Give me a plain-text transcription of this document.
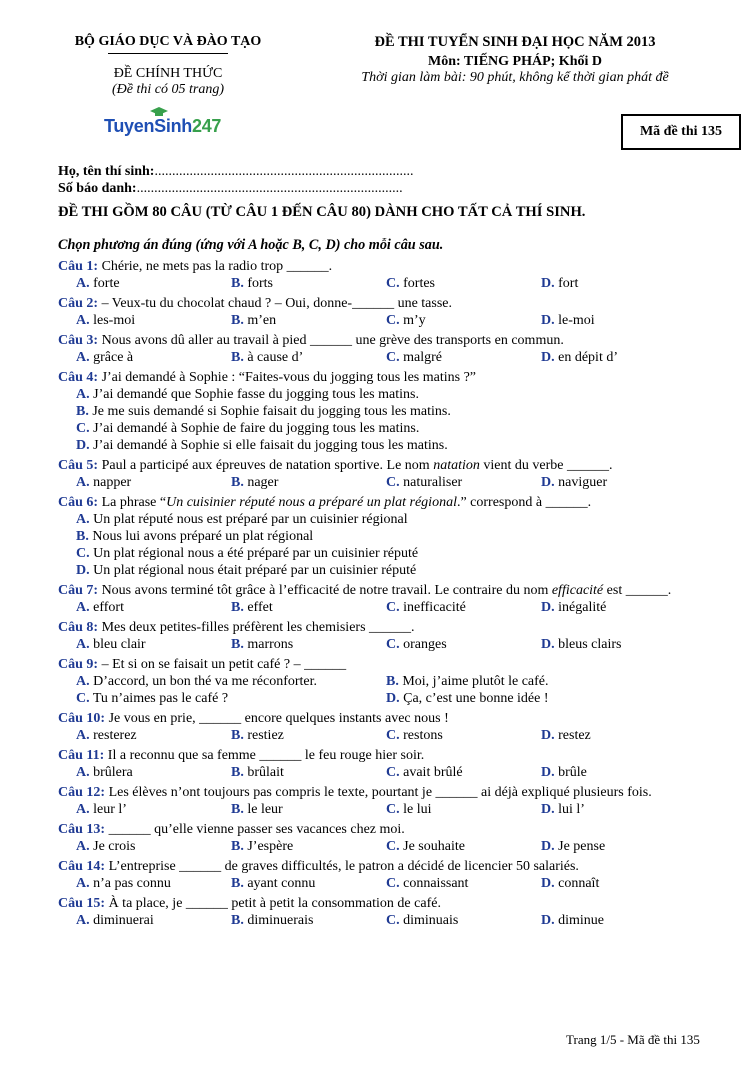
BỘ GIÁO DỤC VÀ ĐÀO TẠO
ĐỀ CHÍNH THỨC
(Đề thi có 05 trang)
TuyenSinh247
ĐỀ THI TUYỂN SINH ĐẠI HỌC NĂM 2013
Môn: TIẾNG PHÁP; Khối D
Thời gian làm bài: 90 phút, không kể thời gian phát đề
Mã đề thi 135
Họ, tên thí sinh:..........................................................................
Số báo danh:............................................................................
ĐỀ THI GỒM 80 CÂU (TỪ CÂU 1 ĐẾN CÂU 80) DÀNH CHO TẤT CẢ THÍ SINH.
Chọn phương án đúng (ứng với A hoặc B, C, D) cho mỗi câu sau.
Câu 1: Chérie, ne mets pas la radio trop ______.
A. forte	B. forts	C. fortes	D. fort
Câu 2: – Veux-tu du chocolat chaud ? – Oui, donne-______ une tasse.
A. les-moi	B. m’en	C. m’y	D. le-moi
Câu 3: Nous avons dû aller au travail à pied ______ une grève des transports en commun.
A. grâce à	B. à cause d’	C. malgré	D. en dépit d’
Câu 4: J’ai demandé à Sophie : “Faites-vous du jogging tous les matins ?”
A. J’ai demandé que Sophie fasse du jogging tous les matins.
B. Je me suis demandé si Sophie faisait du jogging tous les matins.
C. J’ai demandé à Sophie de faire du jogging tous les matins.
D. J’ai demandé à Sophie si elle faisait du jogging tous les matins.
Câu 5: Paul a participé aux épreuves de natation sportive. Le nom natation vient du verbe ______.
A. napper	B. nager	C. naturaliser	D. naviguer
Câu 6: La phrase “Un cuisinier réputé nous a préparé un plat régional.” correspond à ______.
A. Un plat réputé nous est préparé par un cuisinier régional
B. Nous lui avons préparé un plat régional
C. Un plat régional nous a été préparé par un cuisinier réputé
D. Un plat régional nous était préparé par un cuisinier réputé
Câu 7: Nous avons terminé tôt grâce à l’efficacité de notre travail. Le contraire du nom efficacité est ______.
A. effort	B. effet	C. inefficacité	D. inégalité
Câu 8: Mes deux petites-filles préfèrent les chemisiers ______.
A. bleu clair	B. marrons	C. oranges	D. bleus clairs
Câu 9: – Et si on se faisait un petit café ? – ______
A. D’accord, un bon thé va me réconforter.	B. Moi, j’aime plutôt le café.
C. Tu n’aimes pas le café ?	D. Ça, c’est une bonne idée !
Câu 10: Je vous en prie, ______ encore quelques instants avec nous !
A. resterez	B. restiez	C. restons	D. restez
Câu 11: Il a reconnu que sa femme ______ le feu rouge hier soir.
A. brûlera	B. brûlait	C. avait brûlé	D. brûle
Câu 12: Les élèves n’ont toujours pas compris le texte, pourtant je ______ ai déjà expliqué plusieurs fois.
A. leur l’	B. le leur	C. le lui	D. lui l’
Câu 13: ______ qu’elle vienne passer ses vacances chez moi.
A. Je crois	B. J’espère	C. Je souhaite	D. Je pense
Câu 14: L’entreprise ______ de graves difficultés, le patron a décidé de licencier 50 salariés.
A. n’a pas connu	B. ayant connu	C. connaissant	D. connaît
Câu 15: À ta place, je ______ petit à petit la consommation de café.
A. diminuerai	B. diminuerais	C. diminuais	D. diminue
Trang 1/5 - Mã đề thi 135
